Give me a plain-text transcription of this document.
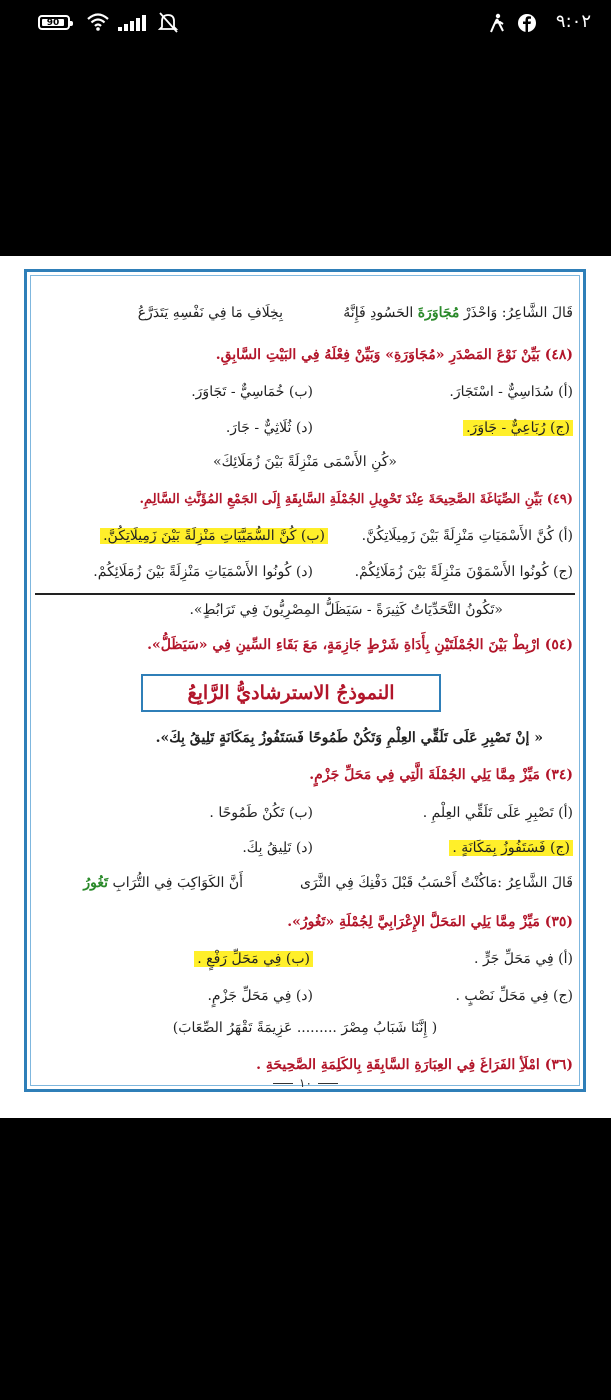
90	٩:٠٢
قَالَ الشَّاعِرُ: وَاحْذَرْ مُجَاوَرَةَ الحَسُودِ فَإِنَّهُ
بِخِلَافِ مَا فِي نَفْسِهِ يَتَدَرَّعُ
(٤٨) بَيِّنْ نَوْعَ المَصْدَرِ «مُجَاوَرَةِ» وَبَيِّنْ فِعْلَهُ فِي البَيْتِ السَّابِقِ.
(أ) سُدَاسِيٌّ - اسْتَجَارَ.
(ب) خُمَاسِيٌّ - تَجَاوَرَ.
(ج) رُبَاعِيٌّ - جَاوَرَ.
(د) ثُلَاثِيٌّ - جَارَ.
«كُنِ الأَسْمَى مَنْزِلَةً بَيْنَ زُمَلَائِكَ»
(٤٩) بَيِّنِ الصِّيَاغَةَ الصَّحِيحَةَ عِنْدَ تَحْوِيلِ الجُمْلَةِ السَّابِقَةِ إِلَى الجَمْعِ المُؤَنَّثِ السَّالِمِ.
(أ) كُنَّ الأَسْمَيَاتِ مَنْزِلَةً بَيْنَ زَمِيلَاتِكُنَّ.
(ب) كُنَّ السُّمَيَّيَاتِ مَنْزِلَةً بَيْنَ زَمِيلَاتِكُنَّ.
(ج) كُونُوا الأَسْمَوْنَ مَنْزِلَةً بَيْنَ زُمَلَائِكُمْ.
(د) كُونُوا الأَسْمَيَاتِ مَنْزِلَةً بَيْنَ زُمَلَائِكُمْ.
«تَكُونُ التَّحَدِّيَاتُ كَثِيرَةً - سَيَظَلُّ المِصْرِيُّونَ فِي تَرَابُطٍ».
(٥٤) ارْبِطْ بَيْنَ الجُمْلَتَيْنِ بِأَدَاةِ شَرْطٍ جَازِمَةٍ، مَعَ بَقَاءِ السِّينِ فِي «سَيَظَلُّ».
النموذجُ الاسترشاديُّ الرَّابِعُ
« إنْ تَصْبِرِ عَلَى تَلَقِّي العِلْمِ وَتَكُنْ طَمُوحًا فَسَتَفُوزُ بِمَكَانَةٍ تَلِيقُ بِكَ».
(٣٤) مَيِّزْ مِمَّا يَلِي الجُمْلَةَ الَّتِي فِي مَحَلِّ جَزْمٍ.
(أ) تَصْبِرِ عَلَى تَلَقِّي العِلْمِ .
(ب) تَكُنْ طَمُوحًا .
(ج) فَسَتَفُوزُ بِمَكَانَةٍ .
(د) تَلِيقُ بِكَ.
قَالَ الشَّاعِرُ :مَاكُنْتُ أَحْسَبُ قَبْلَ دَفْنِكَ فِي الثَّرَى
أَنَّ الكَوَاكِبَ فِي التُّرَابِ تَغُورُ
(٣٥) مَيِّزْ مِمَّا يَلِي المَحَلَّ الإِعْرَابِيَّ لِجُمْلَةِ «تَغُورُ».
(أ) فِي مَحَلِّ جَرٍّ .
(ب) فِي مَحَلِّ رَفْعٍ .
(ج) فِي مَحَلِّ نَصْبٍ .
(د) فِي مَحَلِّ جَزْمٍ.
( إِنَّنَا شَبَابُ مِصْرَ ......... عَزِيمَةً تَقْهَرُ الصِّعَابَ)
(٣٦) امْلَأِ الفَرَاغَ فِي العِبَارَةِ السَّابِقَةِ بِالكَلِمَةِ الصَّحِيحَةِ .
١٠
